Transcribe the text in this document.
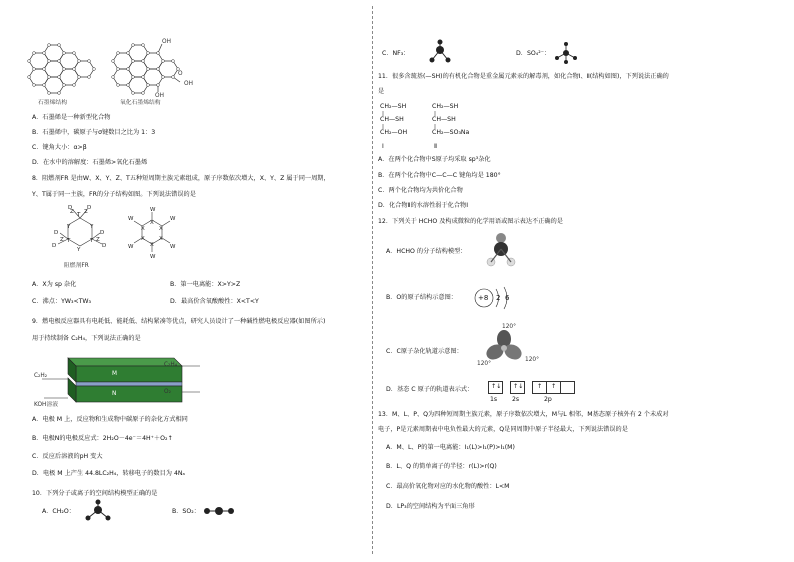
石墨烯结构
OH
O
OH
OH
氧化石墨烯结构
A．石墨烯是一种新型化合物
B．石墨烯中，碳原子与σ键数目之比为 1：3
C．键角大小：α>β
D．在水中的溶解度：石墨烯>氧化石墨烯
8．阻燃剂FR 是由W、X、Y、Z、T五种短周期主族元素组成，原子序数依次增大，X、Y、Z 属于同一周期，
Y、T属于同一主族，FR的分子结构如图。下列说法错误的是
T
Y	Y
T	T
Y
D	D
D
D
D
D
Z Z
Z	Z
W
W
W
W
W
W
X
X
X
X
X
X
阻燃剂FR
A．X为 sp 杂化	B．第一电离能：X>Y>Z
C．沸点：YW₃<TW₃	D．最高价含氧酸酸性：X<T<Y
9．燃电极反应器具有电耗低、能耗低、结构紧凑等优点，研究人员设计了一种碱性燃电极反应器(如图所示)
用于持续制备 C₂H₄，下列说法正确的是
C₂H₂
C₂H₄
M
N	O₂
KOH溶液
A．电极 M 上，反应物和生成物中碳原子的杂化方式相同
B．电极N的电极反应式：2H₂O－4e⁻＝4H⁺＋O₂↑
C．反应后溶液的pH 变大
D．电极 M 上产生 44.8LC₂H₄，转移电子的数目为 4Nₐ
10．下列分子或离子的空间结构模型正确的是
A．CH₂O：	B．SO₂：
C．NF₃：	D．SO₄²⁻：
11．很多含巯基(—SH)的有机化合物是重金属元素汞的解毒剂，如化合物Ⅰ、Ⅱ(结构如图)，下列说法正确的
是
CH₂—SH
CH—SH
CH₂—OH
CH₂—SH
CH—SH
CH₂—SO₃Na
Ⅰ	Ⅱ
A．在两个化合物中S原子均采取 sp³杂化
B．在两个化合物中C—C—C 键角均是 180°
C．两个化合物均为共价化合物
D．化合物Ⅱ的水溶性弱于化合物Ⅰ
12．下列关于 HCHO 及构成微粒的化学用语或图示表达不正确的是
A．HCHO 的分子结构模型：
B．O的原子结构示意图：	+8 2 6
C．C原子杂化轨道示意图：
120°
120°
120°
D．基态 C 原子的轨道表示式：	↑↓ ↑↓ ↑ ↑
1s 2s	2p
13．M、L、P、Q为四种短周期主族元素，原子序数依次增大，M与L 相邻，M基态原子核外有 2 个未成对
电子，P是元素周期表中电负性最大的元素，Q是同周期中原子半径最大，下列说法错误的是
A．M、L、P的第一电离能：I₁(L)>I₁(P)>I₁(M)
B．L、Q 的简单离子的半径：r(L)>r(Q)
C．最高价氧化物对应的水化物的酸性：L<M
D．LP₃的空间结构为平面三角形
